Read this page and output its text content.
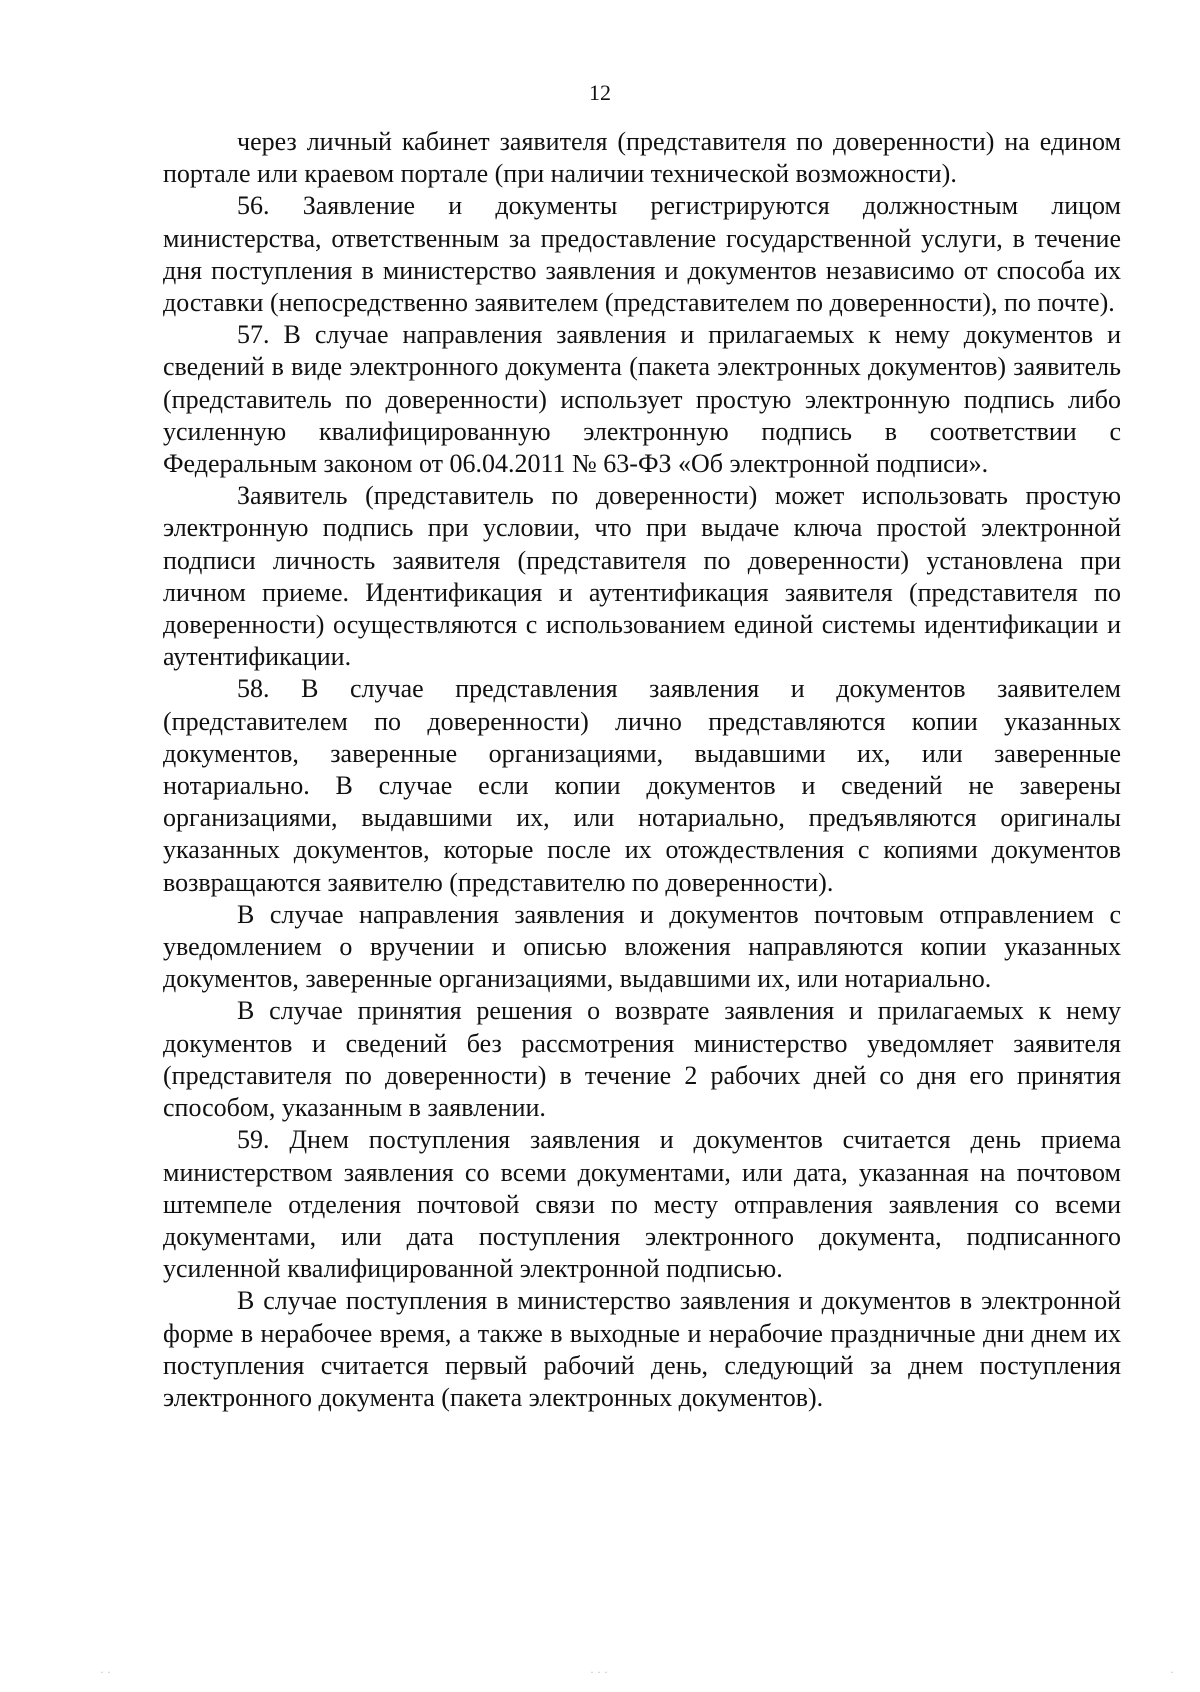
12

через личный кабинет заявителя (представителя по доверенности) на едином портале или краевом портале (при наличии технической возможности).

56. Заявление и документы регистрируются должностным лицом министерства, ответственным за предоставление государственной услуги, в течение дня поступления в министерство заявления и документов независимо от способа их доставки (непосредственно заявителем (представителем по доверенности), по почте).

57. В случае направления заявления и прилагаемых к нему документов и сведений в виде электронного документа (пакета электронных документов) заявитель (представитель по доверенности) использует простую электронную подпись либо усиленную квалифицированную электронную подпись в соответствии с Федеральным законом от 06.04.2011 № 63-ФЗ «Об электронной подписи».

Заявитель (представитель по доверенности) может использовать простую электронную подпись при условии, что при выдаче ключа простой электронной подписи личность заявителя (представителя по доверенности) установлена при личном приеме. Идентификация и аутентификация заявителя (представителя по доверенности) осуществляются с использованием единой системы идентификации и аутентификации.

58. В случае представления заявления и документов заявителем (представителем по доверенности) лично представляются копии указанных документов, заверенные организациями, выдавшими их, или заверенные нотариально. В случае если копии документов и сведений не заверены организациями, выдавшими их, или нотариально, предъявляются оригиналы указанных документов, которые после их отождествления с копиями документов возвращаются заявителю (представителю по доверенности).

В случае направления заявления и документов почтовым отправлением с уведомлением о вручении и описью вложения направляются копии указанных документов, заверенные организациями, выдавшими их, или нотариально.

В случае принятия решения о возврате заявления и прилагаемых к нему документов и сведений без рассмотрения министерство уведомляет заявителя (представителя по доверенности) в течение 2 рабочих дней со дня его принятия способом, указанным в заявлении.

59. Днем поступления заявления и документов считается день приема министерством заявления со всеми документами, или дата, указанная на почтовом штемпеле отделения почтовой связи по месту отправления заявления со всеми документами, или дата поступления электронного документа, подписанного усиленной квалифицированной электронной подписью.

В случае поступления в министерство заявления и документов в электронной форме в нерабочее время, а также в выходные и нерабочие праздничные дни днем их поступления считается первый рабочий день, следующий за днем поступления электронного документа (пакета электронных документов).

· ·	· · ·	·
